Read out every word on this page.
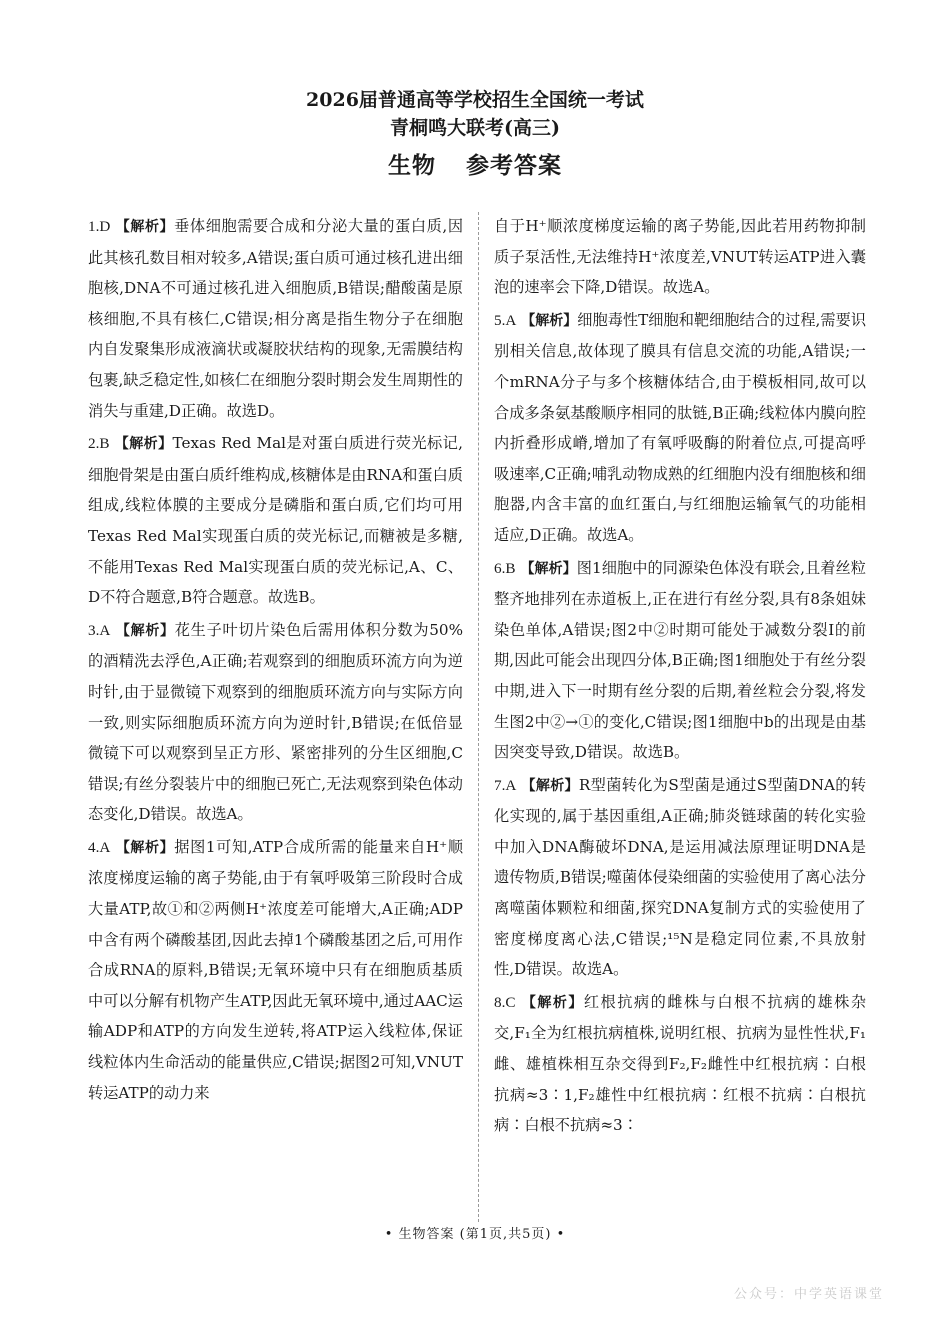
2026届普通高等学校招生全国统一考试
青桐鸣大联考(高三)
生物 参考答案
1.D 【解析】垂体细胞需要合成和分泌大量的蛋白质,因此其核孔数目相对较多,A错误;蛋白质可通过核孔进出细胞核,DNA不可通过核孔进入细胞质,B错误;醋酸菌是原核细胞,不具有核仁,C错误;相分离是指生物分子在细胞内自发聚集形成液滴状或凝胶状结构的现象,无需膜结构包裹,缺乏稳定性,如核仁在细胞分裂时期会发生周期性的消失与重建,D正确。故选D。
2.B 【解析】Texas Red Mal是对蛋白质进行荧光标记,细胞骨架是由蛋白质纤维构成,核糖体是由RNA和蛋白质组成,线粒体膜的主要成分是磷脂和蛋白质,它们均可用Texas Red Mal实现蛋白质的荧光标记,而糖被是多糖,不能用Texas Red Mal实现蛋白质的荧光标记,A、C、D不符合题意,B符合题意。故选B。
3.A 【解析】花生子叶切片染色后需用体积分数为50%的酒精洗去浮色,A正确;若观察到的细胞质环流方向为逆时针,由于显微镜下观察到的细胞质环流方向与实际方向一致,则实际细胞质环流方向为逆时针,B错误;在低倍显微镜下可以观察到呈正方形、紧密排列的分生区细胞,C错误;有丝分裂装片中的细胞已死亡,无法观察到染色体动态变化,D错误。故选A。
4.A 【解析】据图1可知,ATP合成所需的能量来自H⁺顺浓度梯度运输的离子势能,由于有氧呼吸第三阶段时合成大量ATP,故①和②两侧H⁺浓度差可能增大,A正确;ADP中含有两个磷酸基团,因此去掉1个磷酸基团之后,可用作合成RNA的原料,B错误;无氧环境中只有在细胞质基质中可以分解有机物产生ATP,因此无氧环境中,通过AAC运输ADP和ATP的方向发生逆转,将ATP运入线粒体,保证线粒体内生命活动的能量供应,C错误;据图2可知,VNUT转运ATP的动力来
自于H⁺顺浓度梯度运输的离子势能,因此若用药物抑制质子泵活性,无法维持H⁺浓度差,VNUT转运ATP进入囊泡的速率会下降,D错误。故选A。
5.A 【解析】细胞毒性T细胞和靶细胞结合的过程,需要识别相关信息,故体现了膜具有信息交流的功能,A错误;一个mRNA分子与多个核糖体结合,由于模板相同,故可以合成多条氨基酸顺序相同的肽链,B正确;线粒体内膜向腔内折叠形成嵴,增加了有氧呼吸酶的附着位点,可提高呼吸速率,C正确;哺乳动物成熟的红细胞内没有细胞核和细胞器,内含丰富的血红蛋白,与红细胞运输氧气的功能相适应,D正确。故选A。
6.B 【解析】图1细胞中的同源染色体没有联会,且着丝粒整齐地排列在赤道板上,正在进行有丝分裂,具有8条姐妹染色单体,A错误;图2中②时期可能处于减数分裂Ⅰ的前期,因此可能会出现四分体,B正确;图1细胞处于有丝分裂中期,进入下一时期有丝分裂的后期,着丝粒会分裂,将发生图2中②→①的变化,C错误;图1细胞中b的出现是由基因突变导致,D错误。故选B。
7.A 【解析】R型菌转化为S型菌是通过S型菌DNA的转化实现的,属于基因重组,A正确;肺炎链球菌的转化实验中加入DNA酶破坏DNA,是运用减法原理证明DNA是遗传物质,B错误;噬菌体侵染细菌的实验使用了离心法分离噬菌体颗粒和细菌,探究DNA复制方式的实验使用了密度梯度离心法,C错误;¹⁵N是稳定同位素,不具放射性,D错误。故选A。
8.C 【解析】红根抗病的雌株与白根不抗病的雄株杂交,F₁全为红根抗病植株,说明红根、抗病为显性性状,F₁雌、雄植株相互杂交得到F₂,F₂雌性中红根抗病∶白根抗病≈3∶1,F₂雄性中红根抗病∶红根不抗病∶白根抗病∶白根不抗病≈3∶
• 生物答案 (第1页,共5页) •
公众号：中学英语课堂
